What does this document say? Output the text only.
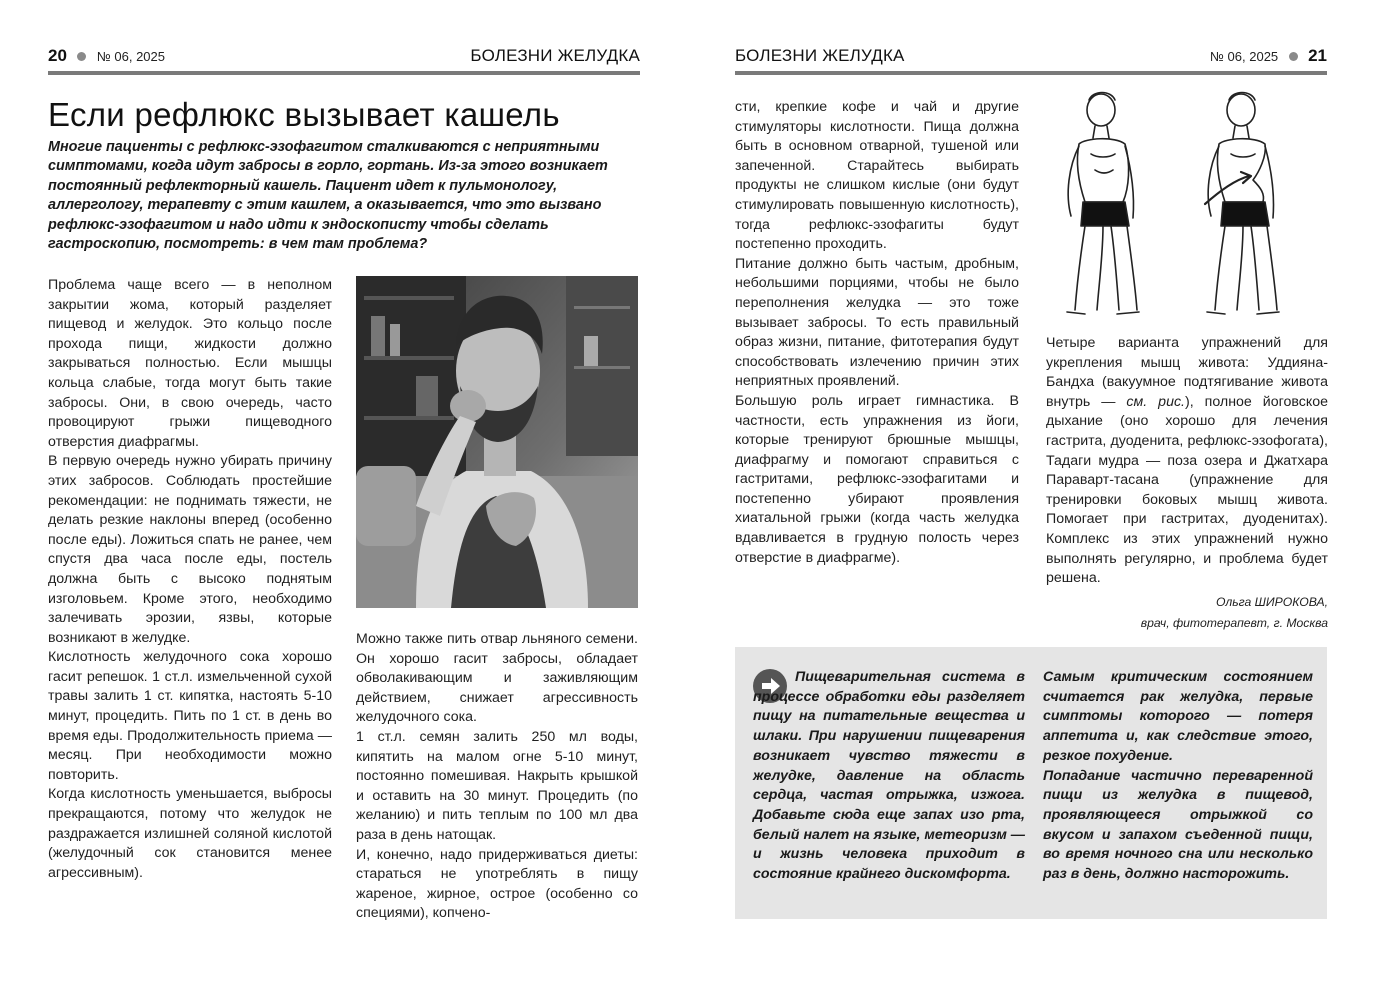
20 № 06, 2025	БОЛЕЗНИ ЖЕЛУДКА
Если рефлюкс вызывает кашель

Многие пациенты с рефлюкс-эзофагитом сталкиваются с неприятными симптомами, когда идут забросы в горло, гортань. Из-за этого возникает постоянный рефлекторный кашель. Пациент идет к пульмонологу, аллергологу, терапевту с этим кашлем, а оказывается, что это вызвано рефлюкс-эзофагитом и надо идти к эндоскописту чтобы сделать гастроскопию, посмотреть: в чем там проблема?

Проблема чаще всего — в неполном закрытии жома, который разделяет пищевод и желудок. Это кольцо после прохода пищи, жидкости должно закрываться полностью. Если мышцы кольца слабые, тогда могут быть такие забросы. Они, в свою очередь, часто провоцируют грыжи пищеводного отверстия диафрагмы.

В первую очередь нужно убирать причину этих забросов. Соблюдать простейшие рекомендации: не поднимать тяжести, не делать резкие наклоны вперед (особенно после еды). Ложиться спать не ранее, чем спустя два часа после еды, постель должна быть с высоко поднятым изголовьем. Кроме этого, необходимо залечивать эрозии, язвы, которые возникают в желудке.

Кислотность желудочного сока хорошо гасит репешок. 1 ст.л. измельченной сухой травы залить 1 ст. кипятка, настоять 5-10 минут, процедить. Пить по 1 ст. в день во время еды. Продолжительность приема — месяц. При необходимости можно повторить.

Когда кислотность уменьшается, выбросы прекращаются, потому что желудок не раздражается излишней соляной кислотой (желудочный сок становится менее агрессивным).

Можно также пить отвар льняного семени. Он хорошо гасит забросы, обладает обволакивающим и заживляющим действием, снижает агрессивность желудочного сока.

1 ст.л. семян залить 250 мл воды, кипятить на малом огне 5-10 минут, постоянно помешивая. Накрыть крышкой и оставить на 30 минут. Процедить (по желанию) и пить теплым по 100 мл два раза в день натощак.

И, конечно, надо придерживаться диеты: стараться не употреблять в пищу жареное, жирное, острое (особенно со специями), копчено-

БОЛЕЗНИ ЖЕЛУДКА	№ 06, 2025 21

сти, крепкие кофе и чай и другие стимуляторы кислотности. Пища должна быть в основном отварной, тушеной или запеченной. Старайтесь выбирать продукты не слишком кислые (они будут стимулировать повышенную кислотность), тогда рефлюкс-эзофагиты будут постепенно проходить.

Питание должно быть частым, дробным, небольшими порциями, чтобы не было переполнения желудка — это тоже вызывает забросы. То есть правильный образ жизни, питание, фитотерапия будут способствовать излечению причин этих неприятных проявлений.

Большую роль играет гимнастика. В частности, есть упражнения из йоги, которые тренируют брюшные мышцы, диафрагму и помогают справиться с гастритами, рефлюкс-эзофагитами и постепенно убирают проявления хиатальной грыжи (когда часть желудка вдавливается в грудную полость через отверстие в диафрагме).

Четыре варианта упражнений для укрепления мышц живота: Уддияна-Бандха (вакуумное подтягивание живота внутрь — см. рис.), полное йоговское дыхание (оно хорошо для лечения гастрита, дуоденита, рефлюкс-эзофогата), Тадаги мудра — поза озера и Джатхара Параварт-тасана (упражнение для тренировки боковых мышц живота. Помогает при гастритах, дуоденитах). Комплекс из этих упражнений нужно выполнять регулярно, и проблема будет решена.

Ольга ШИРОКОВА,
врач, фитотерапевт, г. Москва

Пищеварительная система в процессе обработки еды разделяет пищу на питательные вещества и шлаки. При нарушении пищеварения возникает чувство тяжести в желудке, давление на область сердца, частая отрыжка, изжога. Добавьте сюда еще запах изо рта, белый налет на языке, метеоризм — и жизнь человека приходит в состояние крайнего дискомфорта.

Самым критическим состоянием считается рак желудка, первые симптомы которого — потеря аппетита и, как следствие этого, резкое похудение.

Попадание частично переваренной пищи из желудка в пищевод, проявляющееся отрыжкой со вкусом и запахом съеденной пищи, во время ночного сна или несколько раз в день, должно насторожить.
